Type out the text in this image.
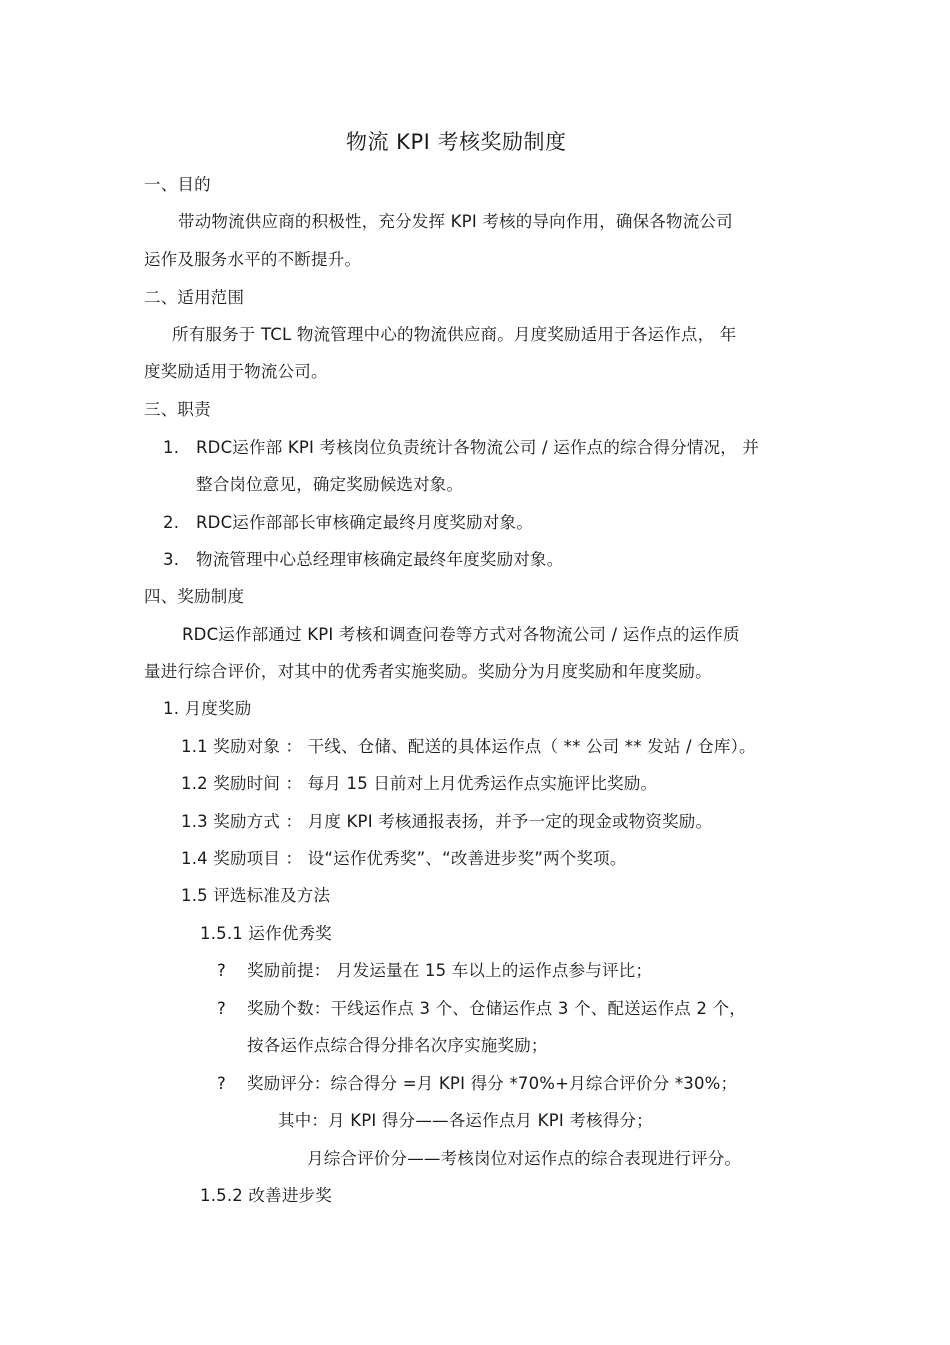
物流 KPI 考核奖励制度
一、目的
带动物流供应商的积极性，充分发挥 KPI 考核的导向作用，确保各物流公司
运作及服务水平的不断提升。
二、适用范围
所有服务于 TCL 物流管理中心的物流供应商。月度奖励适用于各运作点， 年
度奖励适用于物流公司。
三、职责
1. RDC运作部 KPI 考核岗位负责统计各物流公司 / 运作点的综合得分情况， 并
整合岗位意见，确定奖励候选对象。
2. RDC运作部部长审核确定最终月度奖励对象。
3. 物流管理中心总经理审核确定最终年度奖励对象。
四、奖励制度
RDC运作部通过 KPI 考核和调查问卷等方式对各物流公司 / 运作点的运作质
量进行综合评价，对其中的优秀者实施奖励。奖励分为月度奖励和年度奖励。
1. 月度奖励
1.1 奖励对象 ： 干线、仓储、配送的具体运作点（ ** 公司 ** 发站 / 仓库）。
1.2 奖励时间 ： 每月 15 日前对上月优秀运作点实施评比奖励。
1.3 奖励方式 ： 月度 KPI 考核通报表扬，并予一定的现金或物资奖励。
1.4 奖励项目 ： 设“运作优秀奖”、“改善进步奖”两个奖项。
1.5 评选标准及方法
1.5.1 运作优秀奖
? 奖励前提： 月发运量在 15 车以上的运作点参与评比；
? 奖励个数：干线运作点 3 个、仓储运作点 3 个、配送运作点 2 个，
按各运作点综合得分排名次序实施奖励；
? 奖励评分：综合得分 =月 KPI 得分 *70%+月综合评价分 *30%；
其中：月 KPI 得分——各运作点月 KPI 考核得分；
月综合评价分——考核岗位对运作点的综合表现进行评分。
1.5.2 改善进步奖
